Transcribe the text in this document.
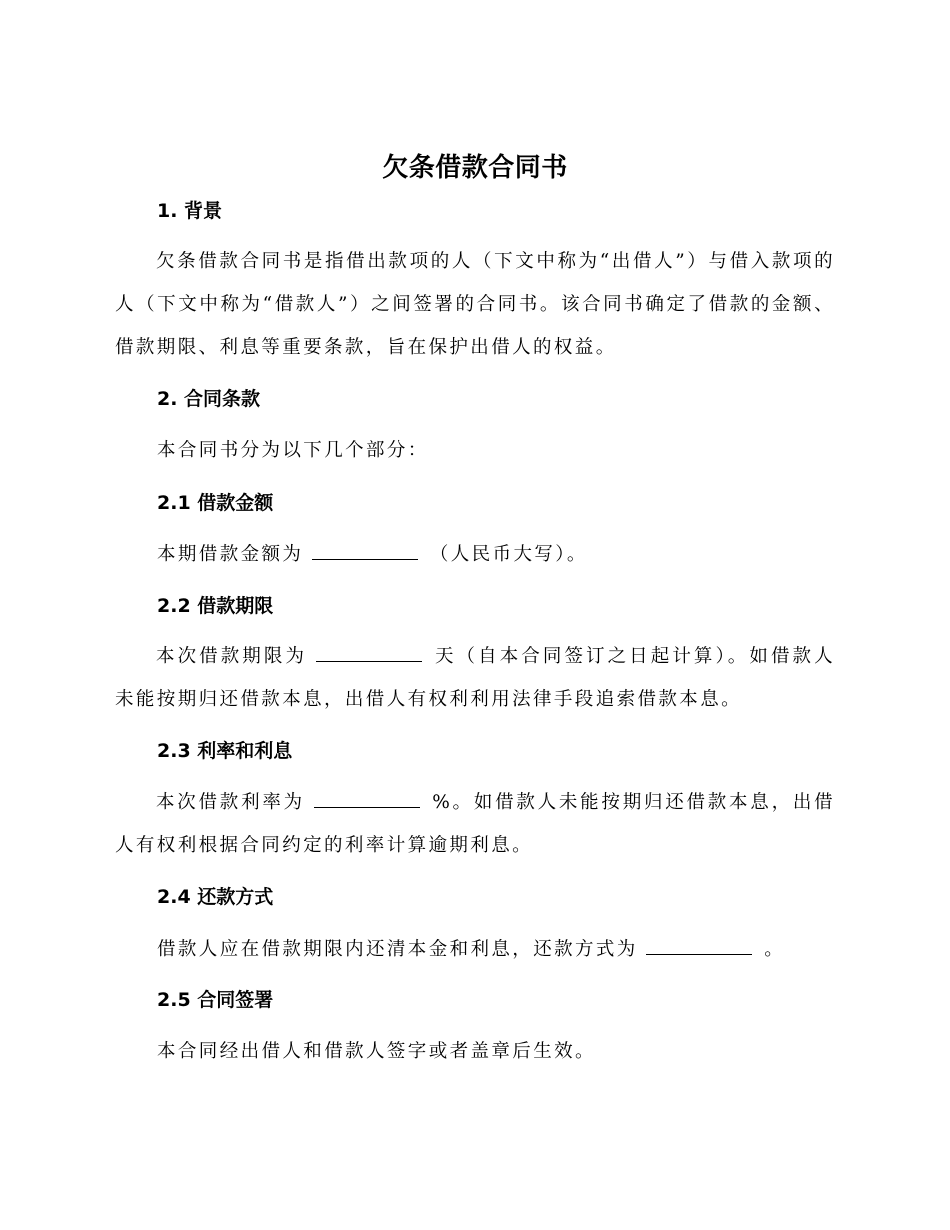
欠条借款合同书
1. 背景
欠条借款合同书是指借出款项的人（下文中称为“出借人”）与借入款项的人（下文中称为“借款人”）之间签署的合同书。该合同书确定了借款的金额、借款期限、利息等重要条款，旨在保护出借人的权益。
2. 合同条款
本合同书分为以下几个部分：
2.1 借款金额
本期借款金额为	（人民币大写）。
2.2 借款期限
本次借款期限为	天（自本合同签订之日起计算）。如借款人未能按期归还借款本息，出借人有权利利用法律手段追索借款本息。
2.3 利率和利息
本次借款利率为	%。如借款人未能按期归还借款本息，出借人有权利根据合同约定的利率计算逾期利息。
2.4 还款方式
借款人应在借款期限内还清本金和利息，还款方式为	。
2.5 合同签署
本合同经出借人和借款人签字或者盖章后生效。
